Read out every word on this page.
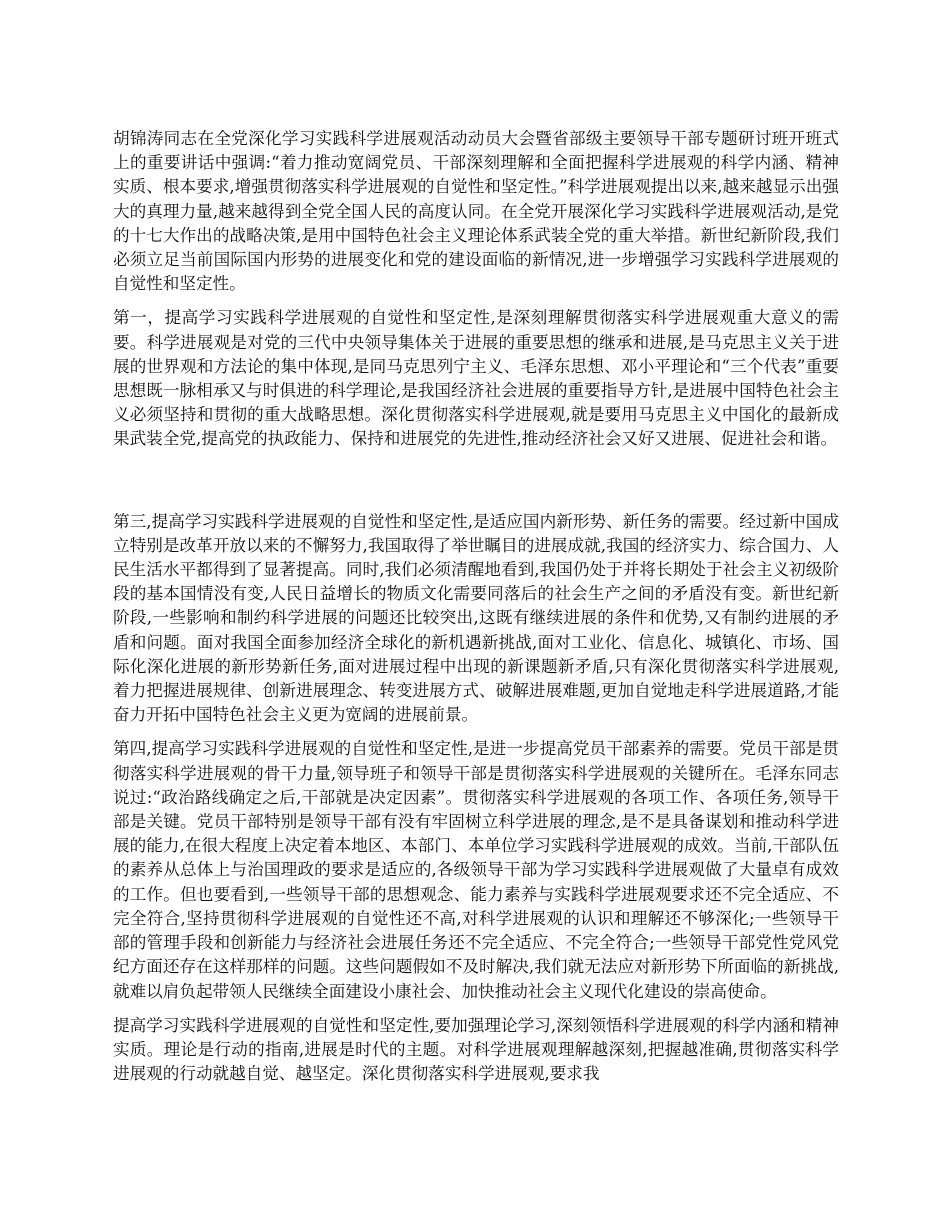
胡锦涛同志在全党深化学习实践科学进展观活动动员大会暨省部级主要领导干部专题研讨班开班式上的重要讲话中强调:“着力推动宽阔党员、干部深刻理解和全面把握科学进展观的科学内涵、精神实质、根本要求,增强贯彻落实科学进展观的自觉性和坚定性。”科学进展观提出以来,越来越显示出强大的真理力量,越来越得到全党全国人民的高度认同。在全党开展深化学习实践科学进展观活动,是党的十七大作出的战略决策,是用中国特色社会主义理论体系武装全党的重大举措。新世纪新阶段,我们必须立足当前国际国内形势的进展变化和党的建设面临的新情况,进一步增强学习实践科学进展观的自觉性和坚定性。

第一，提高学习实践科学进展观的自觉性和坚定性,是深刻理解贯彻落实科学进展观重大意义的需要。科学进展观是对党的三代中央领导集体关于进展的重要思想的继承和进展,是马克思主义关于进展的世界观和方法论的集中体现,是同马克思列宁主义、毛泽东思想、邓小平理论和“三个代表”重要思想既一脉相承又与时俱进的科学理论,是我国经济社会进展的重要指导方针,是进展中国特色社会主义必须坚持和贯彻的重大战略思想。深化贯彻落实科学进展观,就是要用马克思主义中国化的最新成果武装全党,提高党的执政能力、保持和进展党的先进性,推动经济社会又好又进展、促进社会和谐。

第三,提高学习实践科学进展观的自觉性和坚定性,是适应国内新形势、新任务的需要。经过新中国成立特别是改革开放以来的不懈努力,我国取得了举世瞩目的进展成就,我国的经济实力、综合国力、人民生活水平都得到了显著提高。同时,我们必须清醒地看到,我国仍处于并将长期处于社会主义初级阶段的基本国情没有变,人民日益增长的物质文化需要同落后的社会生产之间的矛盾没有变。新世纪新阶段,一些影响和制约科学进展的问题还比较突出,这既有继续进展的条件和优势,又有制约进展的矛盾和问题。面对我国全面参加经济全球化的新机遇新挑战,面对工业化、信息化、城镇化、市场、国际化深化进展的新形势新任务,面对进展过程中出现的新课题新矛盾,只有深化贯彻落实科学进展观,着力把握进展规律、创新进展理念、转变进展方式、破解进展难题,更加自觉地走科学进展道路,才能奋力开拓中国特色社会主义更为宽阔的进展前景。

第四,提高学习实践科学进展观的自觉性和坚定性,是进一步提高党员干部素养的需要。党员干部是贯彻落实科学进展观的骨干力量,领导班子和领导干部是贯彻落实科学进展观的关键所在。毛泽东同志说过:“政治路线确定之后,干部就是决定因素”。贯彻落实科学进展观的各项工作、各项任务,领导干部是关键。党员干部特别是领导干部有没有牢固树立科学进展的理念,是不是具备谋划和推动科学进展的能力,在很大程度上决定着本地区、本部门、本单位学习实践科学进展观的成效。当前,干部队伍的素养从总体上与治国理政的要求是适应的,各级领导干部为学习实践科学进展观做了大量卓有成效的工作。但也要看到,一些领导干部的思想观念、能力素养与实践科学进展观要求还不完全适应、不完全符合,坚持贯彻科学进展观的自觉性还不高,对科学进展观的认识和理解还不够深化;一些领导干部的管理手段和创新能力与经济社会进展任务还不完全适应、不完全符合;一些领导干部党性党风党纪方面还存在这样那样的问题。这些问题假如不及时解决,我们就无法应对新形势下所面临的新挑战,就难以肩负起带领人民继续全面建设小康社会、加快推动社会主义现代化建设的崇高使命。

提高学习实践科学进展观的自觉性和坚定性,要加强理论学习,深刻领悟科学进展观的科学内涵和精神实质。理论是行动的指南,进展是时代的主题。对科学进展观理解越深刻,把握越准确,贯彻落实科学进展观的行动就越自觉、越坚定。深化贯彻落实科学进展观,要求我
